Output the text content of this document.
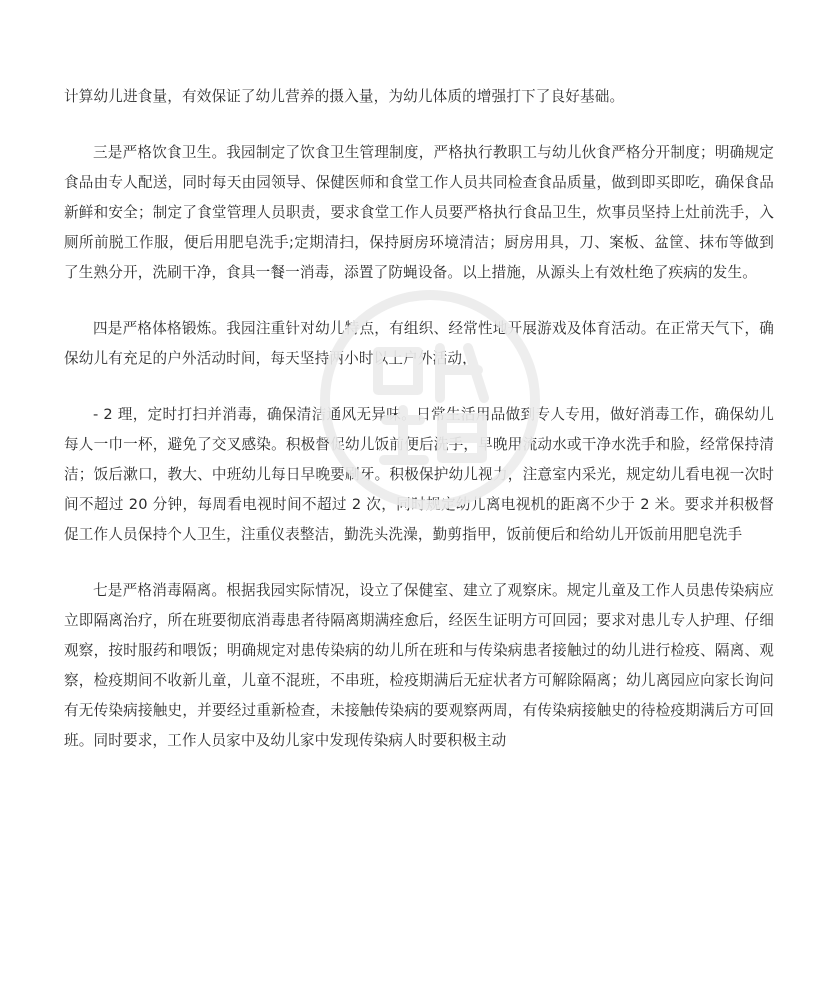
计算幼儿进食量，有效保证了幼儿营养的摄入量，为幼儿体质的增强打下了良好基础。

三是严格饮食卫生。我园制定了饮食卫生管理制度，严格执行教职工与幼儿伙食严格分开制度；明确规定食品由专人配送，同时每天由园领导、保健医师和食堂工作人员共同检查食品质量，做到即买即吃，确保食品新鲜和安全；制定了食堂管理人员职责，要求食堂工作人员要严格执行食品卫生，炊事员坚持上灶前洗手，入厕所前脱工作服，便后用肥皂洗手;定期清扫，保持厨房环境清洁；厨房用具，刀、案板、盆筐、抹布等做到了生熟分开，洗刷干净，食具一餐一消毒，添置了防蝇设备。以上措施，从源头上有效杜绝了疾病的发生。

四是严格体格锻炼。我园注重针对幼儿特点，有组织、经常性地开展游戏及体育活动。在正常天气下，确保幼儿有充足的户外活动时间，每天坚持两小时以上户外活动，

- 2 理，定时打扫并消毒，确保清洁通风无异味。日常生活用品做到专人专用，做好消毒工作，确保幼儿每人一巾一杯，避免了交叉感染。积极督促幼儿饭前便后洗手，早晚用流动水或干净水洗手和脸，经常保持清洁；饭后漱口，教大、中班幼儿每日早晚要刷牙。积极保护幼儿视力，注意室内采光，规定幼儿看电视一次时间不超过 20 分钟，每周看电视时间不超过 2 次，同时规定幼儿离电视机的距离不少于 2 米。要求并积极督促工作人员保持个人卫生，注重仪表整洁，勤洗头洗澡，勤剪指甲，饭前便后和给幼儿开饭前用肥皂洗手

七是严格消毒隔离。根据我园实际情况，设立了保健室、建立了观察床。规定儿童及工作人员患传染病应立即隔离治疗，所在班要彻底消毒患者待隔离期满痊愈后，经医生证明方可回园；要求对患儿专人护理、仔细观察，按时服药和喂饭；明确规定对患传染病的幼儿所在班和与传染病患者接触过的幼儿进行检疫、隔离、观察，检疫期间不收新儿童，儿童不混班，不串班，检疫期满后无症状者方可解除隔离；幼儿离园应向家长询问有无传染病接触史，并要经过重新检查，未接触传染病的要观察两周，有传染病接触史的待检疫期满后方可回班。同时要求，工作人员家中及幼儿家中发现传染病人时要积极主动
